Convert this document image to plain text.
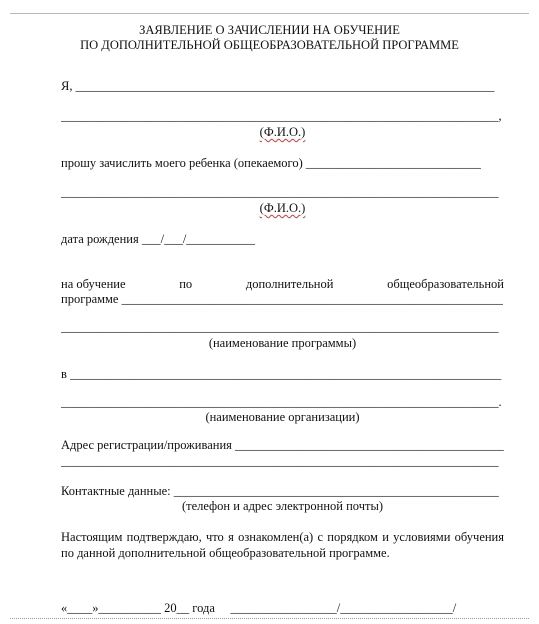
ЗАЯВЛЕНИЕ О ЗАЧИСЛЕНИИ НА ОБУЧЕНИЕ
ПО ДОПОЛНИТЕЛЬНОЙ ОБЩЕОБРАЗОВАТЕЛЬНОЙ ПРОГРАММЕ
Я, ___________________________________________________________________
______________________________________________________________________,
(Ф.И.О.)
прошу зачислить моего ребенка (опекаемого) ____________________________
______________________________________________________________________
(Ф.И.О.)
дата рождения ___/___/___________
на обучение	по	дополнительной	общеобразовательной
программе _____________________________________________________________
______________________________________________________________________
(наименование программы)
в _____________________________________________________________________
______________________________________________________________________.
(наименование организации)
Адрес регистрации/проживания ___________________________________________
______________________________________________________________________
Контактные данные: ____________________________________________________
(телефон и адрес электронной почты)
Настоящим подтверждаю, что я ознакомлен(а) с порядком и условиями обучения по данной дополнительной общеобразовательной программе.
«____»__________ 20__ года     _________________/__________________/
